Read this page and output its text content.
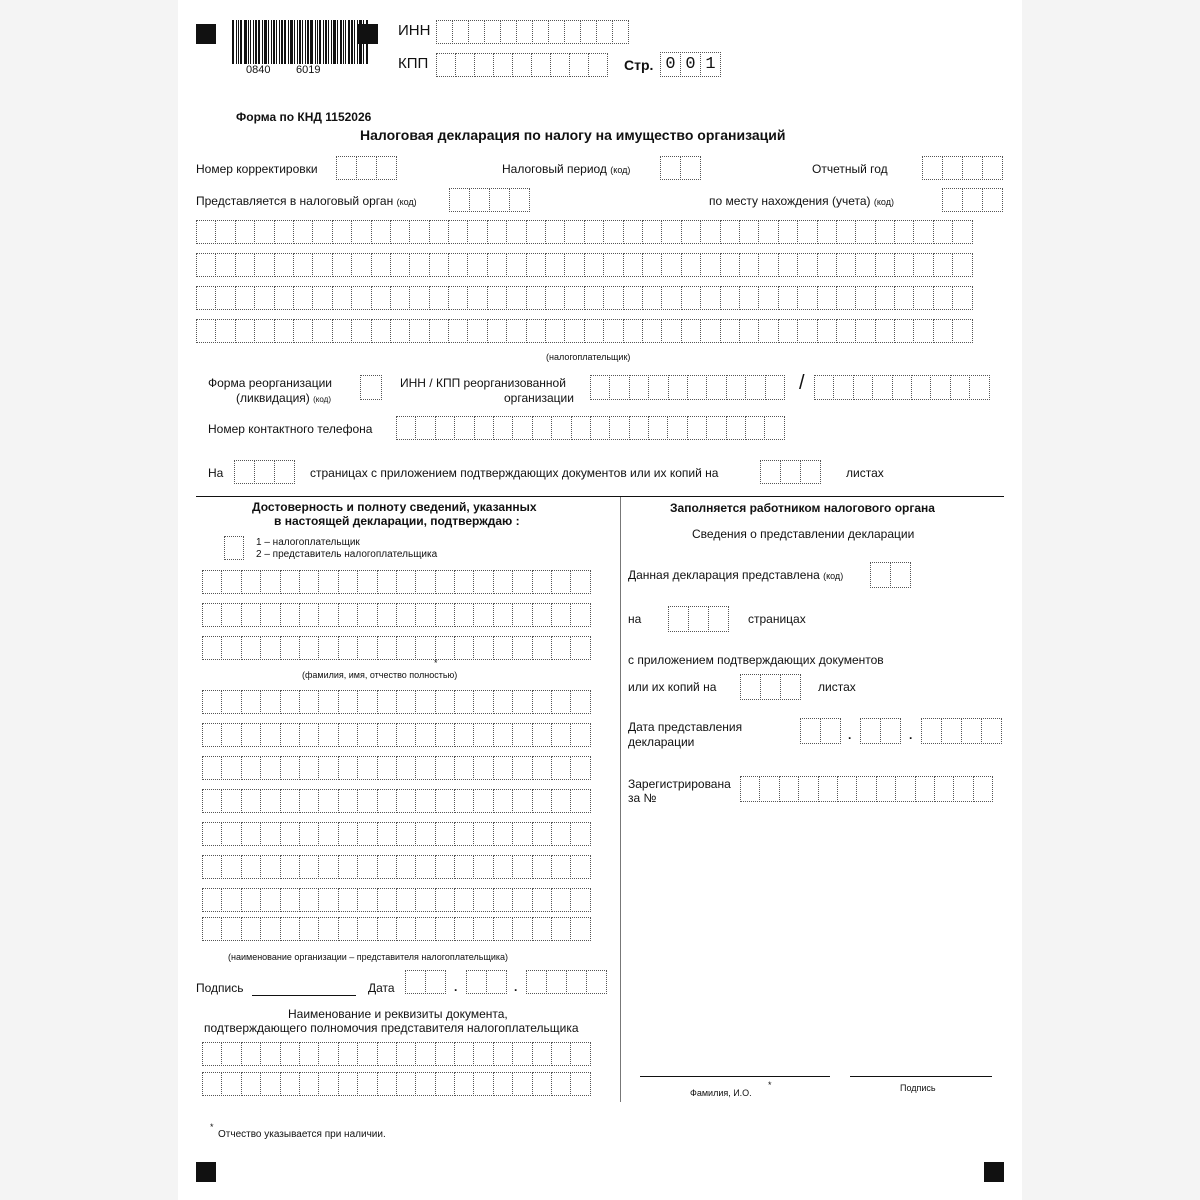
0840 6019
ИНН
КПП	Стр. 0 0 1
Форма по КНД 1152026
Налоговая декларация по налогу на имущество организаций
Номер корректировки	Налоговый период (код)	Отчетный год
Представляется в налоговый орган (код)	по месту нахождения (учета) (код)
(налогоплательщик)
Форма реорганизации
(ликвидация) (код)
ИНН / КПП реорганизованной
организации
/
Номер контактного телефона
На	страницах с приложением подтверждающих документов или их копий на	листах
Достоверность и полноту сведений, указанных
в настоящей декларации, подтверждаю :
1 – налогоплательщик
2 – представитель налогоплательщика
(фамилия, имя, отчество полностью)
*
(наименование организации – представителя налогоплательщика)
Подпись	Дата	.	.
Наименование и реквизиты документа,
подтверждающего полномочия представителя налогоплательщика
Заполняется работником налогового органа
Сведения о представлении декларации
Данная декларация представлена (код)
на	страницах
с приложением подтверждающих документов
или их копий на	листах
Дата представления
декларации	.	.
Зарегистрирована
за №
Фамилия, И.О.
*	Подпись
*
Отчество указывается при наличии.
